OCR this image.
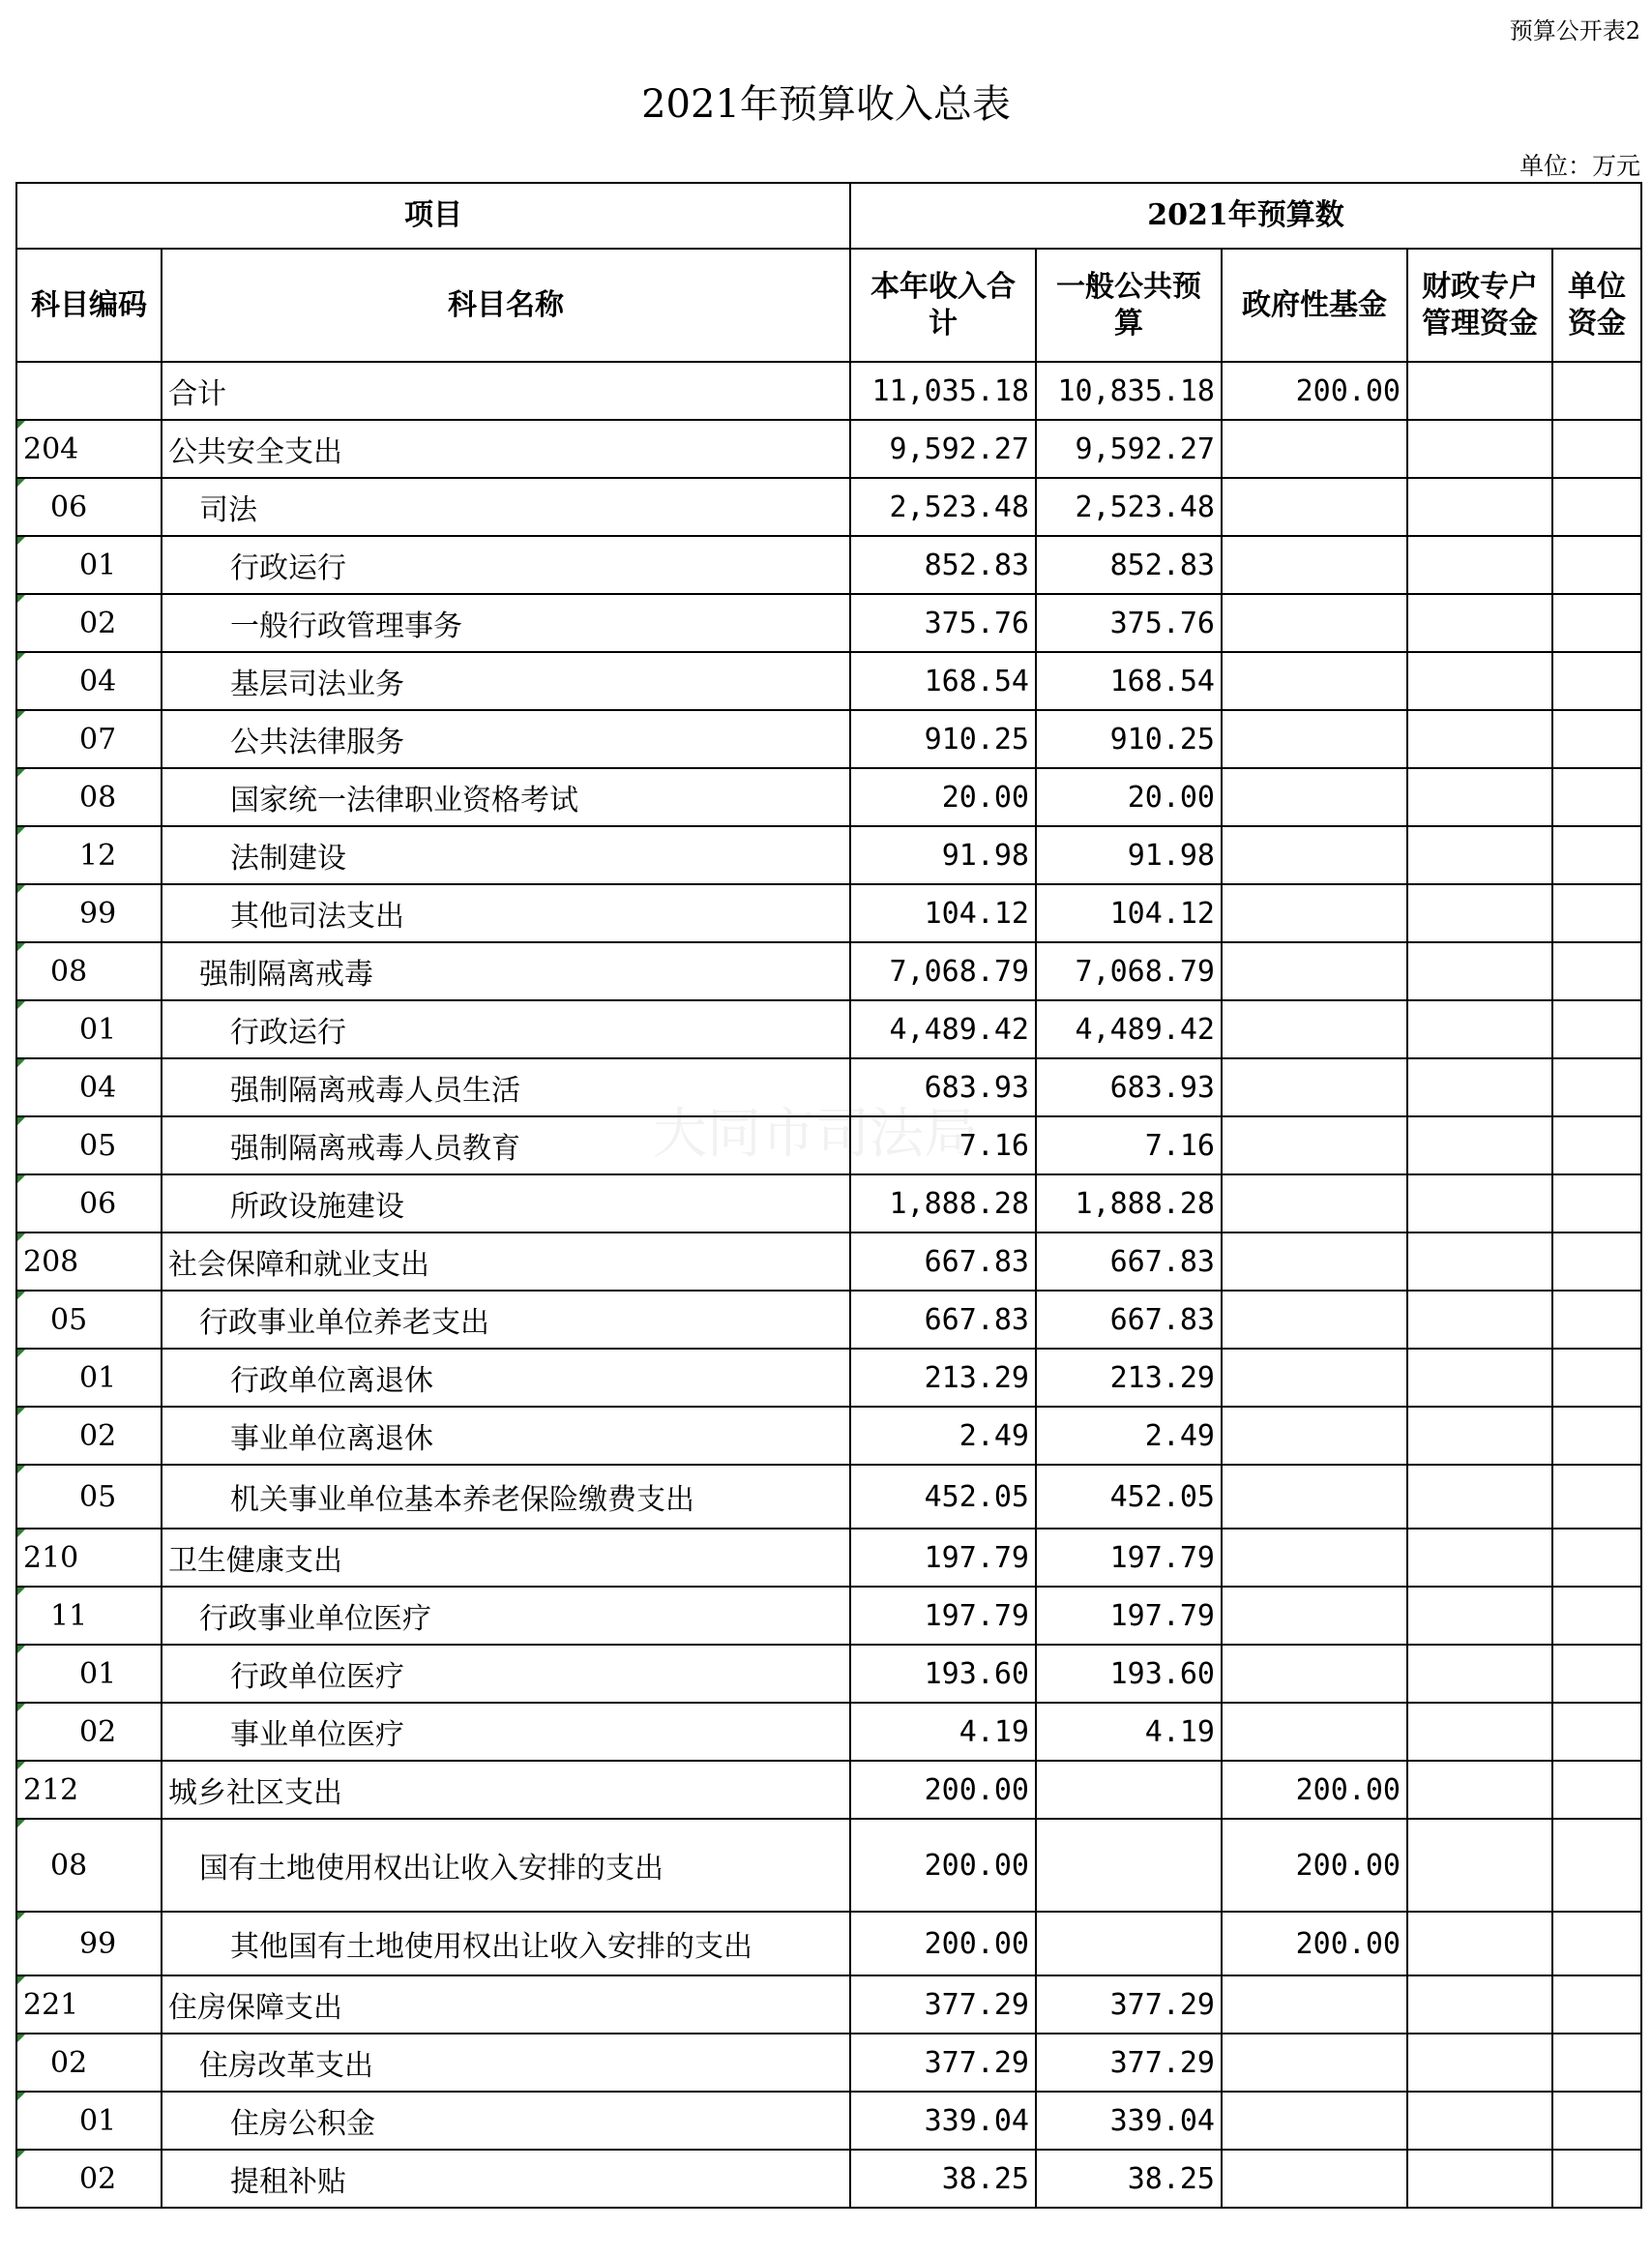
预算公开表2
2021年预算收入总表
单位：万元
大同市司法局
项目		2021年预算数				
科目编码	科目名称	本年收入合计	一般公共预算	政府性基金	财政专户管理资金	单位资金
	合计	11,035.18	10,835.18	200.00		

204	公共安全支出	9,592.27	9,592.27			

06	司法	2,523.48	2,523.48			

01	行政运行	852.83	852.83			

02	一般行政管理事务	375.76	375.76			

04	基层司法业务	168.54	168.54			

07	公共法律服务	910.25	910.25			

08	国家统一法律职业资格考试	20.00	20.00			

12	法制建设	91.98	91.98			

99	其他司法支出	104.12	104.12			

08	强制隔离戒毒	7,068.79	7,068.79			

01	行政运行	4,489.42	4,489.42			

04	强制隔离戒毒人员生活	683.93	683.93			

05	强制隔离戒毒人员教育	7.16	7.16			

06	所政设施建设	1,888.28	1,888.28			

208	社会保障和就业支出	667.83	667.83			

05	行政事业单位养老支出	667.83	667.83			

01	行政单位离退休	213.29	213.29			

02	事业单位离退休	2.49	2.49			

05	机关事业单位基本养老保险缴费支出	452.05	452.05			

210	卫生健康支出	197.79	197.79			

11	行政事业单位医疗	197.79	197.79			

01	行政单位医疗	193.60	193.60			

02	事业单位医疗	4.19	4.19			

212	城乡社区支出	200.00		200.00		

08	国有土地使用权出让收入安排的支出	200.00		200.00		

99	其他国有土地使用权出让收入安排的支出	200.00		200.00		

221	住房保障支出	377.29	377.29			

02	住房改革支出	377.29	377.29			

01	住房公积金	339.04	339.04			

02	提租补贴	38.25	38.25			
